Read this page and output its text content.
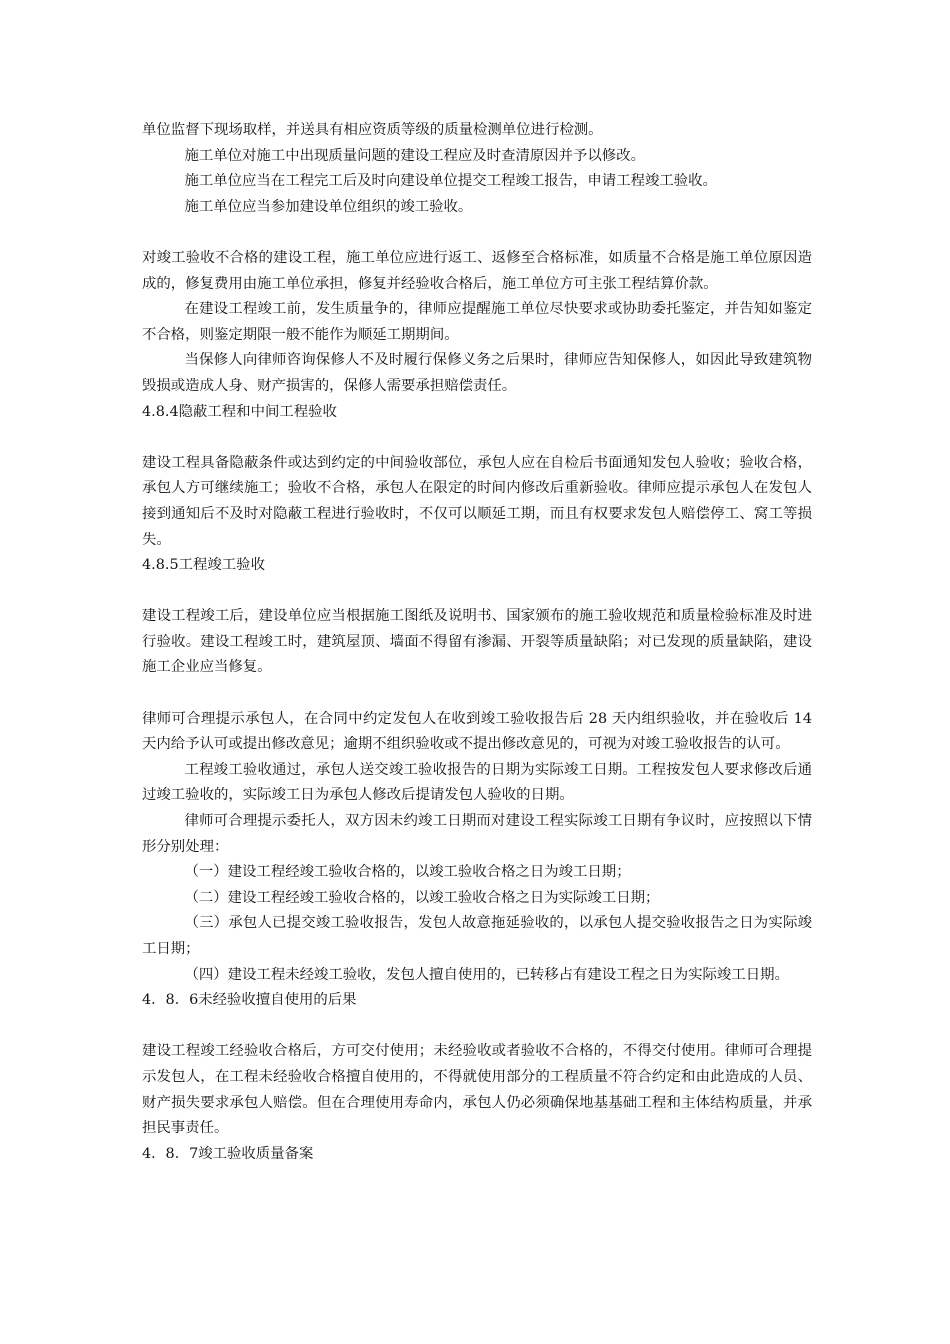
单位监督下现场取样，并送具有相应资质等级的质量检测单位进行检测。

施工单位对施工中出现质量问题的建设工程应及时查清原因并予以修改。

施工单位应当在工程完工后及时向建设单位提交工程竣工报告，申请工程竣工验收。

施工单位应当参加建设单位组织的竣工验收。

对竣工验收不合格的建设工程，施工单位应进行返工、返修至合格标准，如质量不合格是施工单位原因造成的，修复费用由施工单位承担，修复并经验收合格后，施工单位方可主张工程结算价款。

在建设工程竣工前，发生质量争的，律师应提醒施工单位尽快要求或协助委托鉴定，并告知如鉴定不合格，则鉴定期限一般不能作为顺延工期期间。

当保修人向律师咨询保修人不及时履行保修义务之后果时，律师应告知保修人，如因此导致建筑物毁损或造成人身、财产损害的，保修人需要承担赔偿责任。

4.8.4隐蔽工程和中间工程验收

建设工程具备隐蔽条件或达到约定的中间验收部位，承包人应在自检后书面通知发包人验收；验收合格，承包人方可继续施工；验收不合格，承包人在限定的时间内修改后重新验收。律师应提示承包人在发包人接到通知后不及时对隐蔽工程进行验收时，不仅可以顺延工期，而且有权要求发包人赔偿停工、窝工等损失。

4.8.5工程竣工验收

建设工程竣工后，建设单位应当根据施工图纸及说明书、国家颁布的施工验收规范和质量检验标准及时进行验收。建设工程竣工时，建筑屋顶、墙面不得留有渗漏、开裂等质量缺陷；对已发现的质量缺陷，建设施工企业应当修复。

律师可合理提示承包人，在合同中约定发包人在收到竣工验收报告后 28 天内组织验收，并在验收后 14 天内给予认可或提出修改意见；逾期不组织验收或不提出修改意见的，可视为对竣工验收报告的认可。

工程竣工验收通过，承包人送交竣工验收报告的日期为实际竣工日期。工程按发包人要求修改后通过竣工验收的，实际竣工日为承包人修改后提请发包人验收的日期。

律师可合理提示委托人，双方因未约竣工日期而对建设工程实际竣工日期有争议时，应按照以下情形分别处理：

（一）建设工程经竣工验收合格的，以竣工验收合格之日为竣工日期；

（二）建设工程经竣工验收合格的，以竣工验收合格之日为实际竣工日期；

（三）承包人已提交竣工验收报告，发包人故意拖延验收的，以承包人提交验收报告之日为实际竣工日期；

（四）建设工程未经竣工验收，发包人擅自使用的，已转移占有建设工程之日为实际竣工日期。

4．8．6未经验收擅自使用的后果

建设工程竣工经验收合格后，方可交付使用；未经验收或者验收不合格的，不得交付使用。律师可合理提示发包人，在工程未经验收合格擅自使用的，不得就使用部分的工程质量不符合约定和由此造成的人员、财产损失要求承包人赔偿。但在合理使用寿命内，承包人仍必须确保地基基础工程和主体结构质量，并承担民事责任。

4．8．7竣工验收质量备案
